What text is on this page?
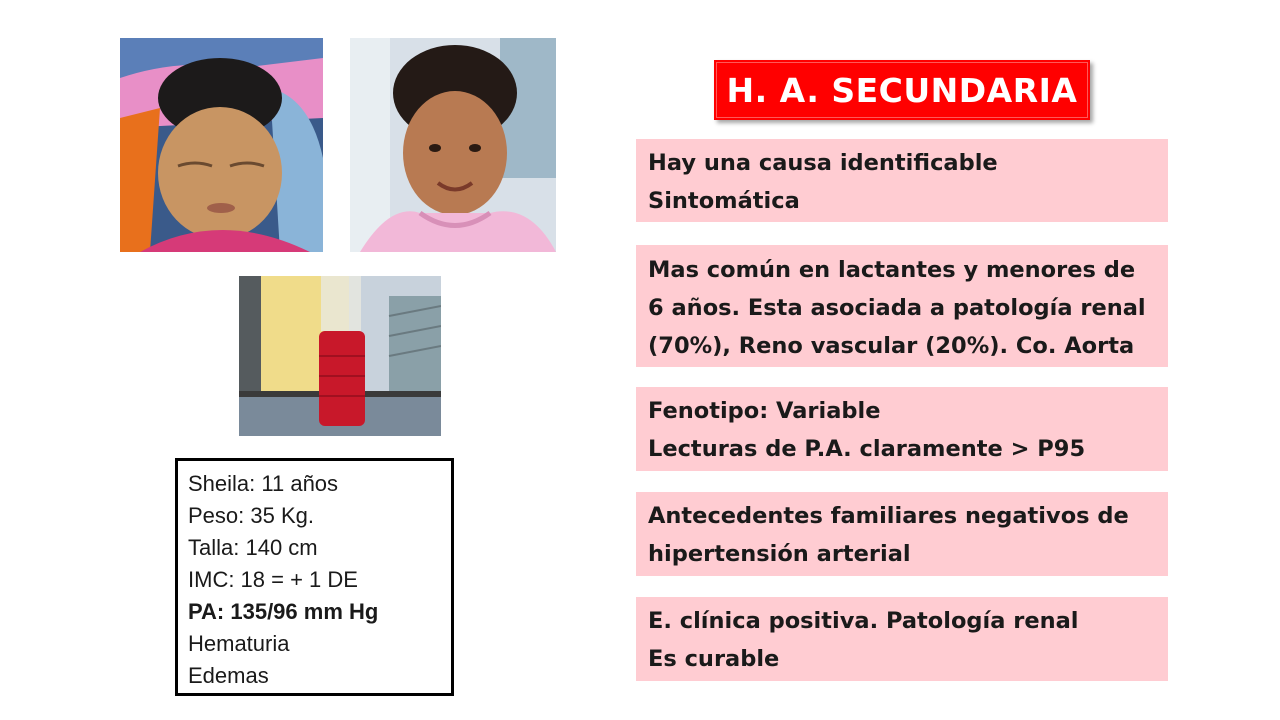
H. A. SECUNDARIA
Hay una causa identificable
Sintomática
Mas común en lactantes y menores de
6 años. Esta asociada a patología renal
(70%), Reno vascular (20%). Co. Aorta
Fenotipo: Variable
Lecturas de P.A. claramente > P95
Antecedentes familiares negativos de
hipertensión arterial
E. clínica positiva. Patología renal
Es curable
Sheila: 11 años
Peso: 35 Kg.
Talla: 140 cm
IMC: 18 = + 1 DE
PA: 135/96 mm Hg
Hematuria
Edemas
